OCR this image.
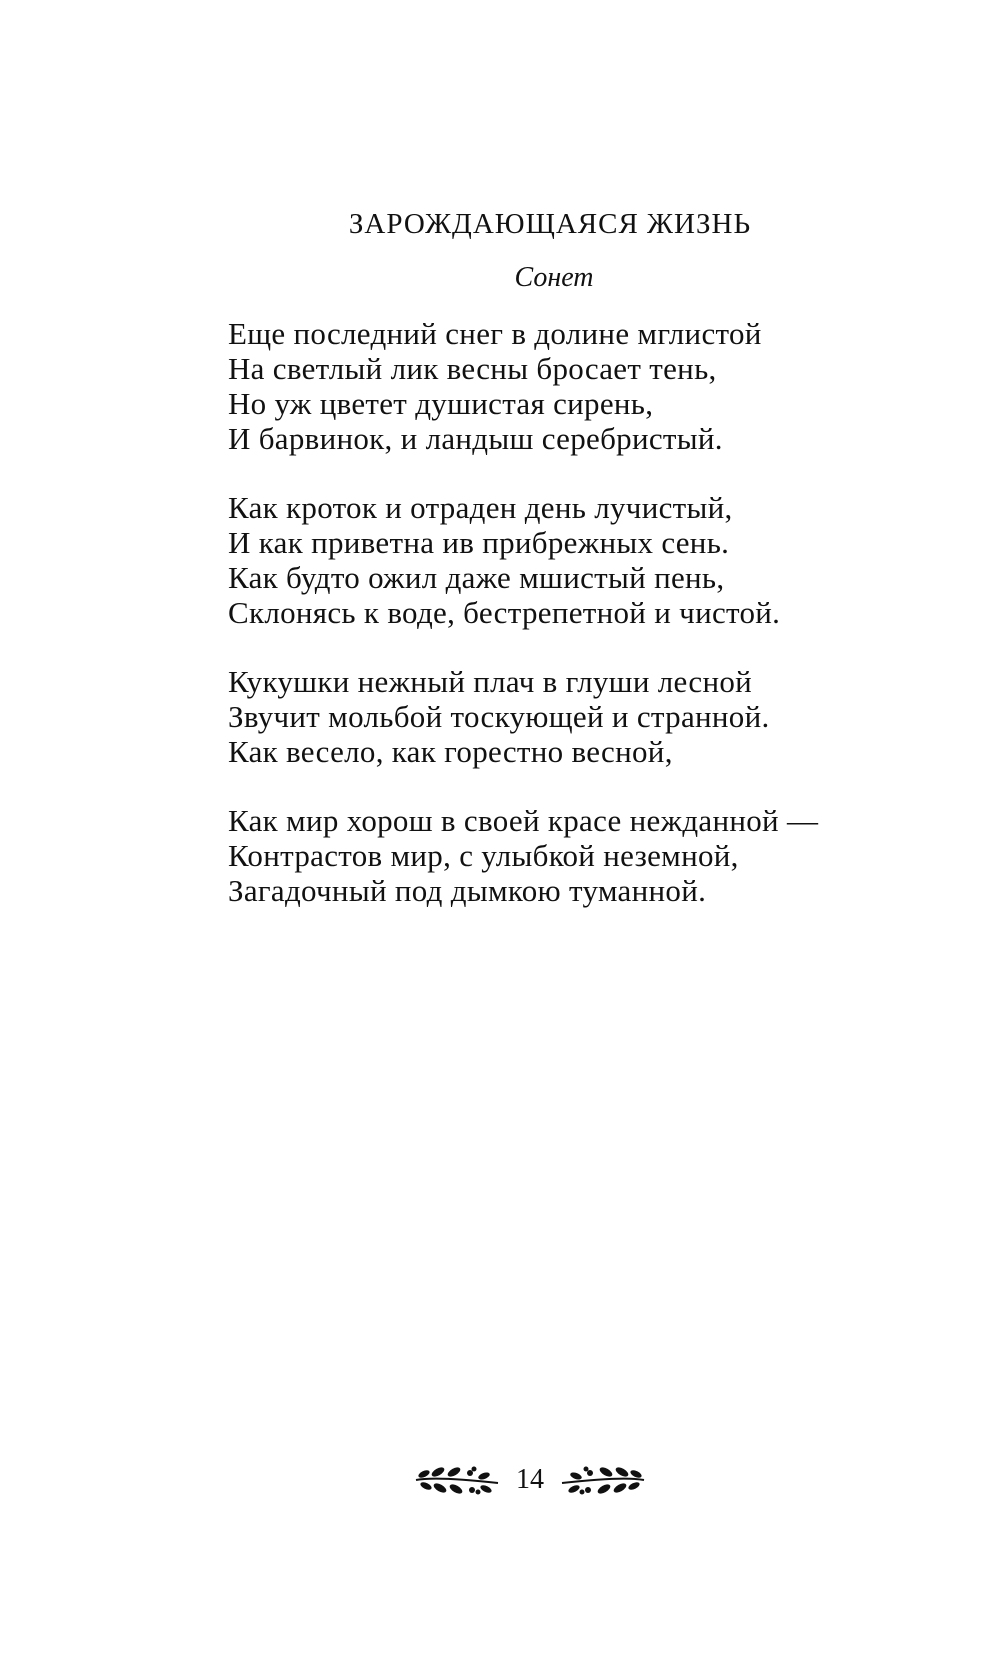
ЗАРОЖДАЮЩАЯСЯ ЖИЗНЬ
Сонет
Еще последний снег в долине мглистой
На светлый лик весны бросает тень,
Но уж цветет душистая сирень,
И барвинок, и ландыш серебристый.
Как кроток и отраден день лучистый,
И как приветна ив прибрежных сень.
Как будто ожил даже мшистый пень,
Склонясь к воде, бестрепетной и чистой.
Кукушки нежный плач в глуши лесной
Звучит мольбой тоскующей и странной.
Как весело, как горестно весной,
Как мир хорош в своей красе нежданной —
Контрастов мир, с улыбкой неземной,
Загадочный под дымкою туманной.
14
